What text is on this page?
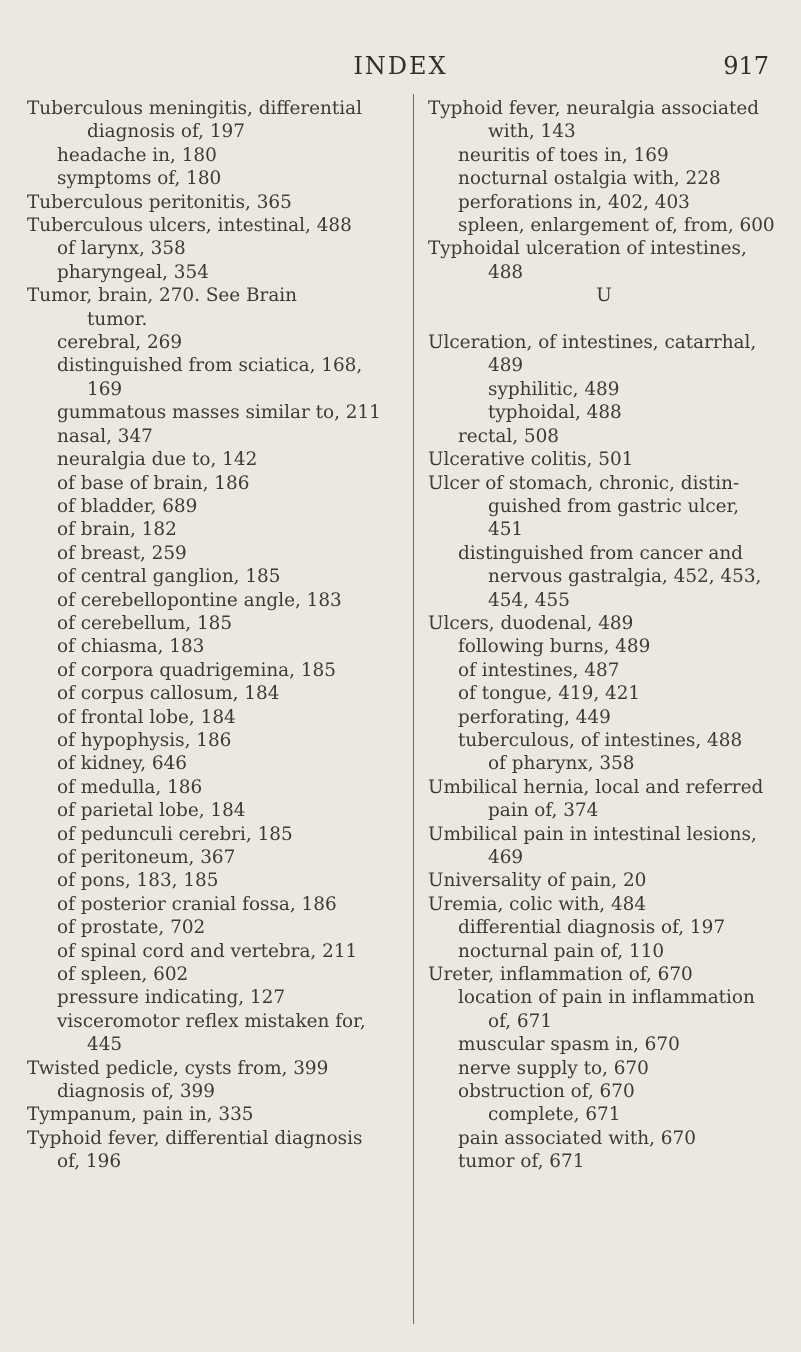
INDEX	917
Tuberculous meningitis, differential
diagnosis of, 197
headache in, 180
symptoms of, 180
Tuberculous peritonitis, 365
Tuberculous ulcers, intestinal, 488
of larynx, 358
pharyngeal, 354
Tumor, brain, 270. See Brain
tumor.
cerebral, 269
distinguished from sciatica, 168,
169
gummatous masses similar to, 211
nasal, 347
neuralgia due to, 142
of base of brain, 186
of bladder, 689
of brain, 182
of breast, 259
of central ganglion, 185
of cerebellopontine angle, 183
of cerebellum, 185
of chiasma, 183
of corpora quadrigemina, 185
of corpus callosum, 184
of frontal lobe, 184
of hypophysis, 186
of kidney, 646
of medulla, 186
of parietal lobe, 184
of pedunculi cerebri, 185
of peritoneum, 367
of pons, 183, 185
of posterior cranial fossa, 186
of prostate, 702
of spinal cord and vertebra, 211
of spleen, 602
pressure indicating, 127
visceromotor reflex mistaken for,
445
Twisted pedicle, cysts from, 399
diagnosis of, 399
Tympanum, pain in, 335
Typhoid fever, differential diagnosis
of, 196
Typhoid fever, neuralgia associated
with, 143
neuritis of toes in, 169
nocturnal ostalgia with, 228
perforations in, 402, 403
spleen, enlargement of, from, 600
Typhoidal ulceration of intestines,
488
U
Ulceration, of intestines, catarrhal,
489
syphilitic, 489
typhoidal, 488
rectal, 508
Ulcerative colitis, 501
Ulcer of stomach, chronic, distin-
guished from gastric ulcer,
451
distinguished from cancer and
nervous gastralgia, 452, 453,
454, 455
Ulcers, duodenal, 489
following burns, 489
of intestines, 487
of tongue, 419, 421
perforating, 449
tuberculous, of intestines, 488
of pharynx, 358
Umbilical hernia, local and referred
pain of, 374
Umbilical pain in intestinal lesions,
469
Universality of pain, 20
Uremia, colic with, 484
differential diagnosis of, 197
nocturnal pain of, 110
Ureter, inflammation of, 670
location of pain in inflammation
of, 671
muscular spasm in, 670
nerve supply to, 670
obstruction of, 670
complete, 671
pain associated with, 670
tumor of, 671
